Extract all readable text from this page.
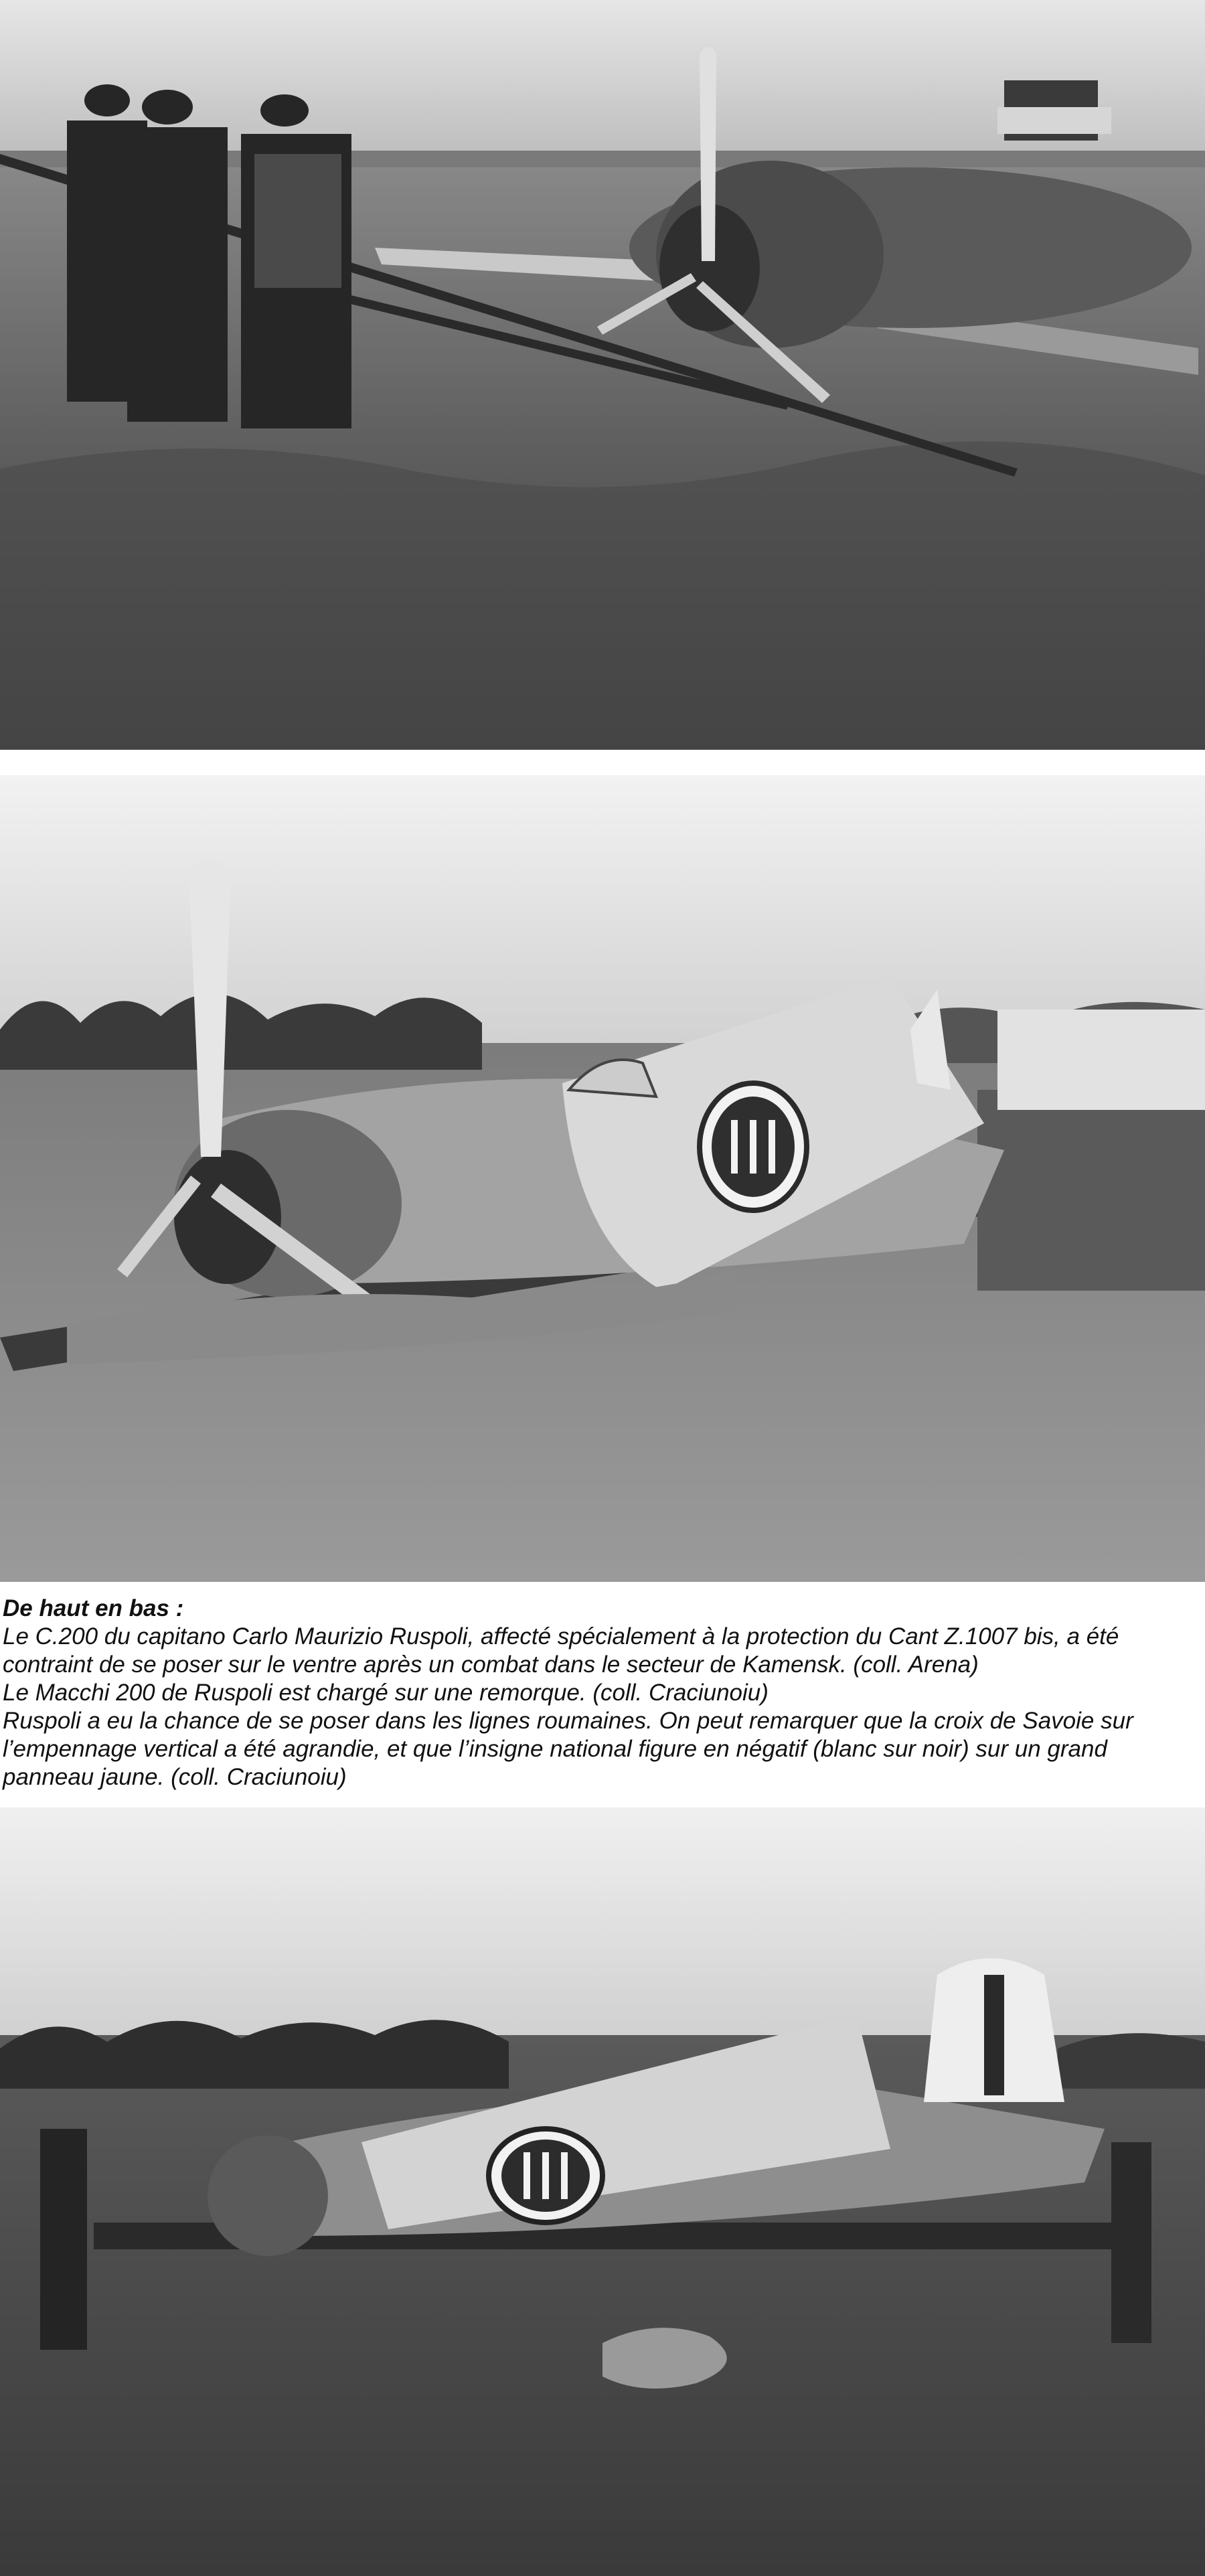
De haut en bas :

Le C.200 du capitano Carlo Maurizio Ruspoli, affecté spécialement à la protection du Cant Z.1007 bis, a été contraint de se poser sur le ventre après un combat dans le secteur de Kamensk. (coll. Arena)

Le Macchi 200 de Ruspoli est chargé sur une remorque. (coll. Craciunoiu)

Ruspoli a eu la chance de se poser dans les lignes roumaines. On peut remarquer que la croix de Savoie sur l’empennage vertical a été agrandie, et que l’insigne national figure en négatif (blanc sur noir) sur un grand panneau jaune. (coll. Craciunoiu)
